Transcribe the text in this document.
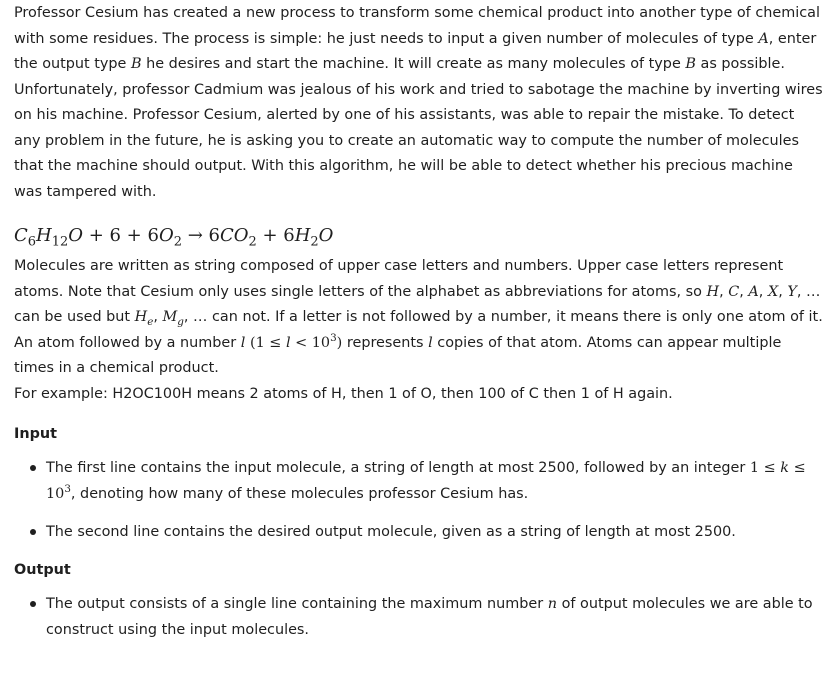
Professor Cesium has created a new process to transform some chemical product into another type of chemical with some residues. The process is simple: he just needs to input a given number of molecules of type A, enter the output type B he desires and start the machine. It will create as many molecules of type B as possible. Unfortunately, professor Cadmium was jealous of his work and tried to sabotage the machine by inverting wires on his machine. Professor Cesium, alerted by one of his assistants, was able to repair the mistake. To detect any problem in the future, he is asking you to create an automatic way to compute the number of molecules that the machine should output. With this algorithm, he will be able to detect whether his precious machine was tampered with.

$C_6H_{12}O + 6 + 6O_2 \to 6CO_2 + 6H_2O$

Molecules are written as string composed of upper case letters and numbers. Upper case letters represent atoms. Note that Cesium only uses single letters of the alphabet as abbreviations for atoms, so H, C, A, X, Y, … can be used but $H_e$, $M_g$, … can not. If a letter is not followed by a number, it means there is only one atom of it. An atom followed by a number l $(1 \le l < 10^3)$ represents l copies of that atom. Atoms can appear multiple times in a chemical product.

For example: H2OC100H means 2 atoms of H, then 1 of O, then 100 of C then 1 of H again.

Input
The first line contains the input molecule, a string of length at most 2500, followed by an integer $1 \le k \le 10^3$, denoting how many of these molecules professor Cesium has.
The second line contains the desired output molecule, given as a string of length at most 2500.
Output
The output consists of a single line containing the maximum number n of output molecules we are able to construct using the input molecules.
